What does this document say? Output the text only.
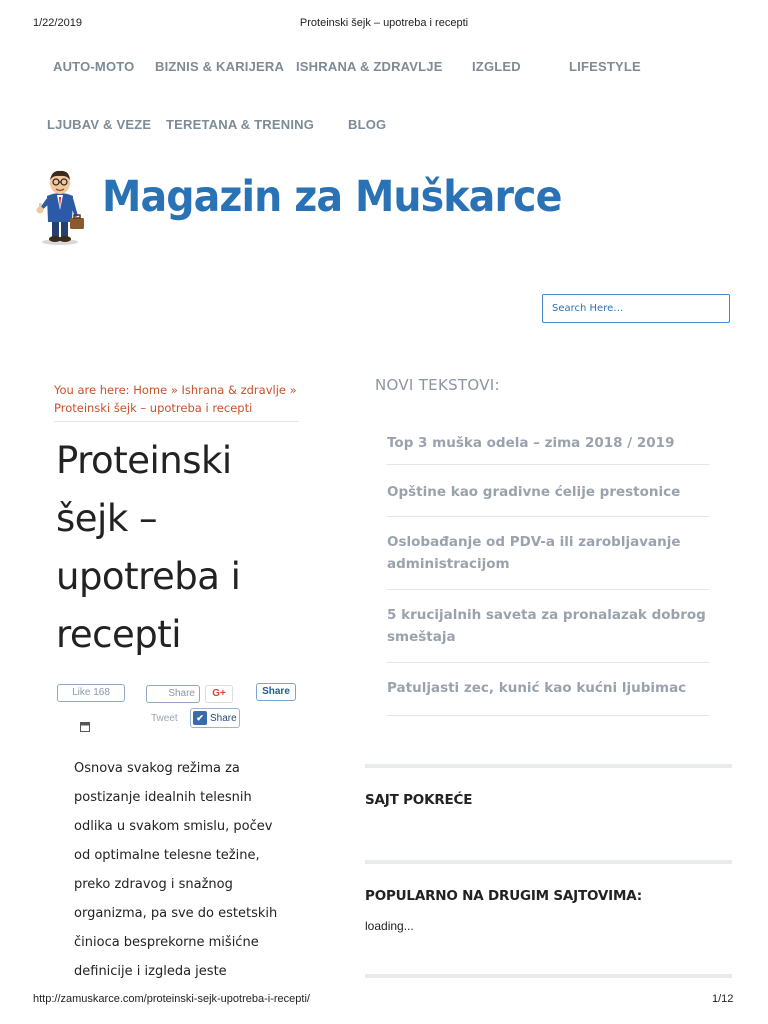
1/22/2019	Proteinski šejk – upotreba i recepti
AUTO-MOTO BIZNIS & KARIJERA ISHRANA & ZDRAVLJE IZGLED	LIFESTYLE
LJUBAV & VEZE TERETANA & TRENING	BLOG
Magazin za Muškarce
Search Here…
You are here: Home » Ishrana & zdravlje »
Proteinski šejk – upotreba i recepti
Proteinski
šejk –
upotreba i
recepti
Like 168	Share	G+	Share
Tweet	✔ Share
Osnova svakog režima za
postizanje idealnih telesnih
odlika u svakom smislu, počev
od optimalne telesne težine,
preko zdravog i snažnog
organizma, pa sve do estetskih
činioca besprekorne mišićne
definicije i izgleda jeste
NOVI TEKSTOVI:
Top 3 muška odela – zima 2018 / 2019
Opštine kao gradivne ćelije prestonice
Oslobađanje od PDV-a ili zarobljavanje
administracijom
5 krucijalnih saveta za pronalazak dobrog
smeštaja
Patuljasti zec, kunić kao kućni ljubimac
SAJT POKREĆE
POPULARNO NA DRUGIM SAJTOVIMA:
loading...
http://zamuskarce.com/proteinski-sejk-upotreba-i-recepti/	1/12
